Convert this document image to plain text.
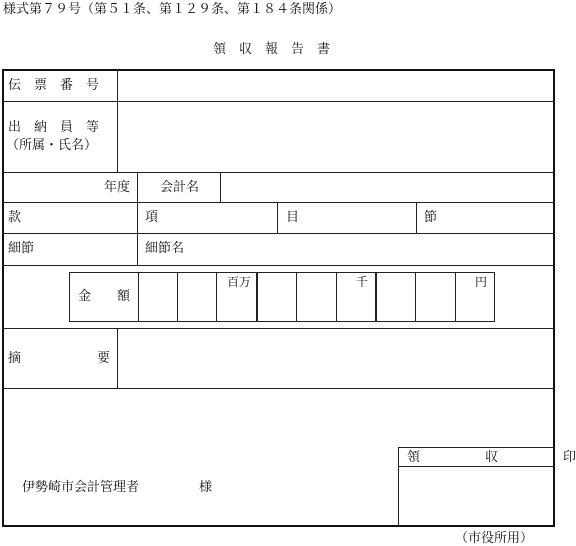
様式第７９号（第５１条、第１２９条、第１８４条関係）
領　収　報　告　書
伝　票　番　号
出　納　員　等
（所属・氏名）
年度 会計名
款	項	目	節
細節	細節名
金　　額
百万	千	円
摘	要
伊勢崎市会計管理者	様
領　　　　　収　　　　　印
（市役所用）
